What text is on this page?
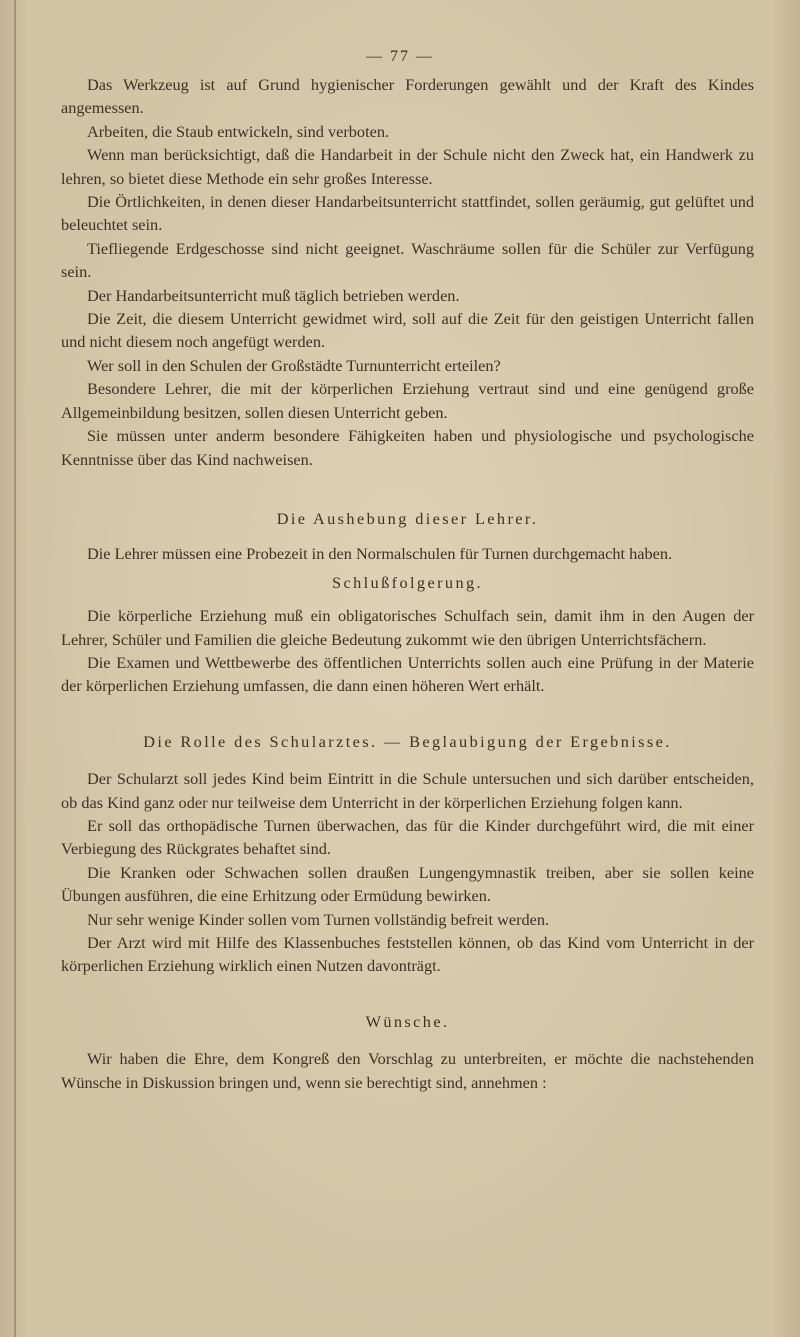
— 77 —

Das Werkzeug ist auf Grund hygienischer Forderungen gewählt und der Kraft des Kindes angemessen.

Arbeiten, die Staub entwickeln, sind verboten.

Wenn man berücksichtigt, daß die Handarbeit in der Schule nicht den Zweck hat, ein Handwerk zu lehren, so bietet diese Methode ein sehr großes Interesse.

Die Örtlichkeiten, in denen dieser Handarbeitsunterricht stattfindet, sollen geräumig, gut gelüftet und beleuchtet sein.

Tiefliegende Erdgeschosse sind nicht geeignet. Waschräume sollen für die Schüler zur Verfügung sein.

Der Handarbeitsunterricht muß täglich betrieben werden.

Die Zeit, die diesem Unterricht gewidmet wird, soll auf die Zeit für den geistigen Unterricht fallen und nicht diesem noch angefügt werden.

Wer soll in den Schulen der Großstädte Turnunterricht erteilen?

Besondere Lehrer, die mit der körperlichen Erziehung vertraut sind und eine genügend große Allgemeinbildung besitzen, sollen diesen Unterricht geben.

Sie müssen unter anderm besondere Fähigkeiten haben und physiologische und psychologische Kenntnisse über das Kind nachweisen.

Die Aushebung dieser Lehrer.

Die Lehrer müssen eine Probezeit in den Normalschulen für Turnen durchgemacht haben.

Schlußfolgerung.

Die körperliche Erziehung muß ein obligatorisches Schulfach sein, damit ihm in den Augen der Lehrer, Schüler und Familien die gleiche Bedeutung zukommt wie den übrigen Unterrichtsfächern.

Die Examen und Wettbewerbe des öffentlichen Unterrichts sollen auch eine Prüfung in der Materie der körperlichen Erziehung umfassen, die dann einen höheren Wert erhält.

Die Rolle des Schularztes. — Beglaubigung der Ergebnisse.

Der Schularzt soll jedes Kind beim Eintritt in die Schule untersuchen und sich darüber entscheiden, ob das Kind ganz oder nur teilweise dem Unterricht in der körperlichen Erziehung folgen kann.

Er soll das orthopädische Turnen überwachen, das für die Kinder durchgeführt wird, die mit einer Verbiegung des Rückgrates behaftet sind.

Die Kranken oder Schwachen sollen draußen Lungengymnastik treiben, aber sie sollen keine Übungen ausführen, die eine Erhitzung oder Ermüdung bewirken.

Nur sehr wenige Kinder sollen vom Turnen vollständig befreit werden.

Der Arzt wird mit Hilfe des Klassenbuches feststellen können, ob das Kind vom Unterricht in der körperlichen Erziehung wirklich einen Nutzen davonträgt.

Wünsche.

Wir haben die Ehre, dem Kongreß den Vorschlag zu unterbreiten, er möchte die nachstehenden Wünsche in Diskussion bringen und, wenn sie berechtigt sind, annehmen :
